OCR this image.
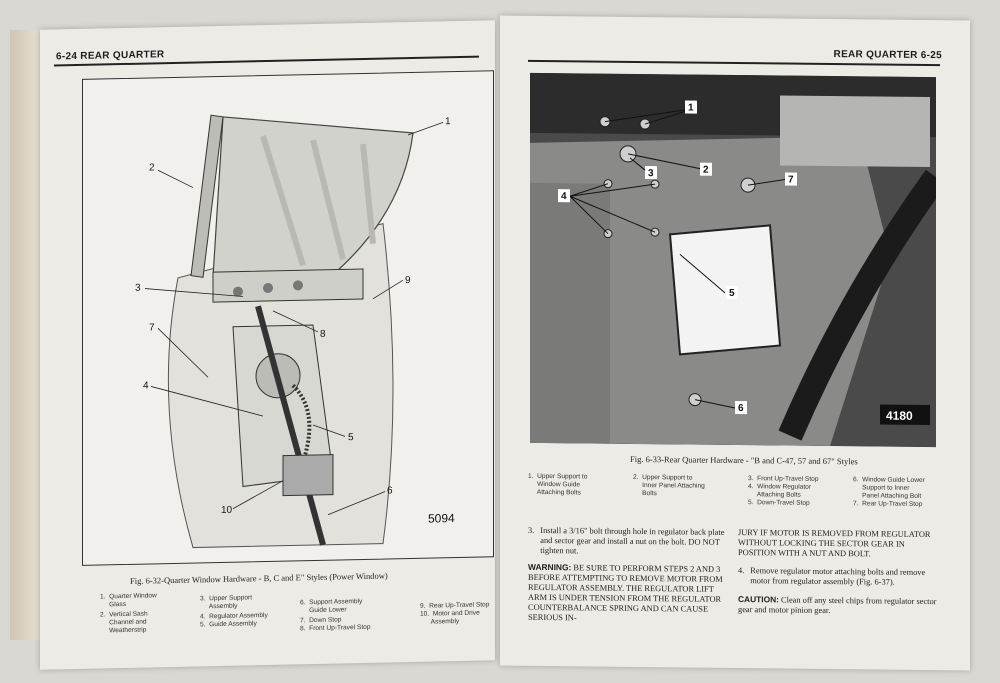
6-24 REAR QUARTER
1
2
3
4
5
6
7
8
9
10
5094
Fig. 6-32-Quarter Window Hardware - B, C and E" Styles (Power Window)
1.  Quarter Window
Glass
2.  Vertical Sash
Channel and
Weatherstrip
3.  Upper Support
Assembly
4.  Regulator Assembly
5.  Guide Assembly
6.  Support Assembly
Guide Lower
7.  Down Stop
8.  Front Up-Travel Stop
9.  Rear Up-Travel Stop
10.  Motor and Drive
Assembly
REAR QUARTER 6-25
1
2
3
4
5
6
7
4180
Fig. 6-33-Rear Quarter Hardware - "B and C-47, 57 and 67" Styles
1.  Upper Support to
Window Guide
Attaching Bolts
2.  Upper Support to
Inner Panel Attaching
Bolts
3.  Front Up-Travel Stop
4.  Window Regulator
Attaching Bolts
5.  Down-Travel Stop
6.  Window Guide Lower
Support to Inner
Panel Attaching Bolt
7.  Rear Up-Travel Stop
3. Install a 3/16" bolt through hole in regulator back plate and sector gear and install a nut on the bolt. DO NOT tighten nut.
WARNING: BE SURE TO PERFORM STEPS 2 AND 3 BEFORE ATTEMPTING TO REMOVE MOTOR FROM REGULATOR ASSEMBLY. THE REGULATOR LIFT ARM IS UNDER TENSION FROM THE REGULATOR COUNTERBALANCE SPRING AND CAN CAUSE SERIOUS IN-
JURY IF MOTOR IS REMOVED FROM REGULATOR WITHOUT LOCKING THE SECTOR GEAR IN POSITION WITH A NUT AND BOLT.
4. Remove regulator motor attaching bolts and remove motor from regulator assembly (Fig. 6-37).
CAUTION: Clean off any steel chips from regulator sector gear and motor pinion gear.
